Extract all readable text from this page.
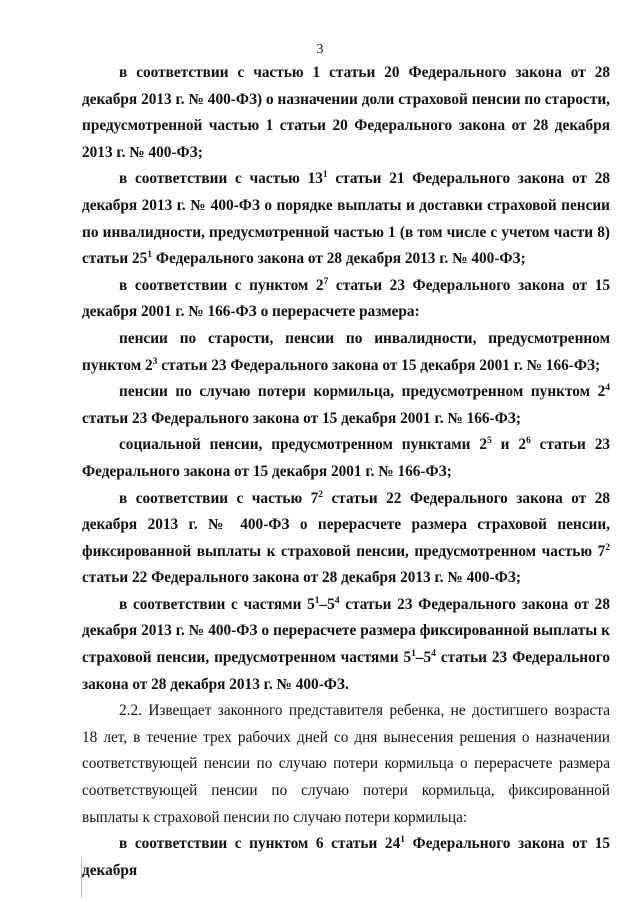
3

в соответствии с частью 1 статьи 20 Федерального закона от 28 декабря 2013 г. № 400-ФЗ) о назначении доли страховой пенсии по старости, предусмотренной частью 1 статьи 20 Федерального закона от 28 декабря 2013 г. № 400-ФЗ;

в соответствии с частью $13^1$ статьи 21 Федерального закона от 28 декабря 2013 г. № 400-ФЗ о порядке выплаты и доставки страховой пенсии по инвалидности, предусмотренной частью 1 (в том числе с учетом части 8) статьи $25^1$ Федерального закона от 28 декабря 2013 г. № 400-ФЗ;

в соответствии с пунктом $2^7$ статьи 23 Федерального закона от 15 декабря 2001 г. № 166-ФЗ о перерасчете размера:

пенсии по старости, пенсии по инвалидности, предусмотренном пунктом $2^3$ статьи 23 Федерального закона от 15 декабря 2001 г. № 166-ФЗ;

пенсии по случаю потери кормильца, предусмотренном пунктом $2^4$ статьи 23 Федерального закона от 15 декабря 2001 г. № 166-ФЗ;

социальной пенсии, предусмотренном пунктами $2^5$ и $2^6$ статьи 23 Федерального закона от 15 декабря 2001 г. № 166-ФЗ;

в соответствии с частью $7^2$ статьи 22 Федерального закона от 28 декабря 2013 г. № 400-ФЗ о перерасчете размера страховой пенсии, фиксированной выплаты к страховой пенсии, предусмотренном частью $7^2$ статьи 22 Федерального закона от 28 декабря 2013 г. № 400-ФЗ;

в соответствии с частями $5^1-5^4$ статьи 23 Федерального закона от 28 декабря 2013 г. № 400-ФЗ о перерасчете размера фиксированной выплаты к страховой пенсии, предусмотренном частями $5^1-5^4$ статьи 23 Федерального закона от 28 декабря 2013 г. № 400-ФЗ.

2.2. Извещает законного представителя ребенка, не достигшего возраста 18 лет, в течение трех рабочих дней со дня вынесения решения о назначении соответствующей пенсии по случаю потери кормильца о перерасчете размера соответствующей пенсии по случаю потери кормильца, фиксированной выплаты к страховой пенсии по случаю потери кормильца:

в соответствии с пунктом 6 статьи $24^1$ Федерального закона от 15 декабря
